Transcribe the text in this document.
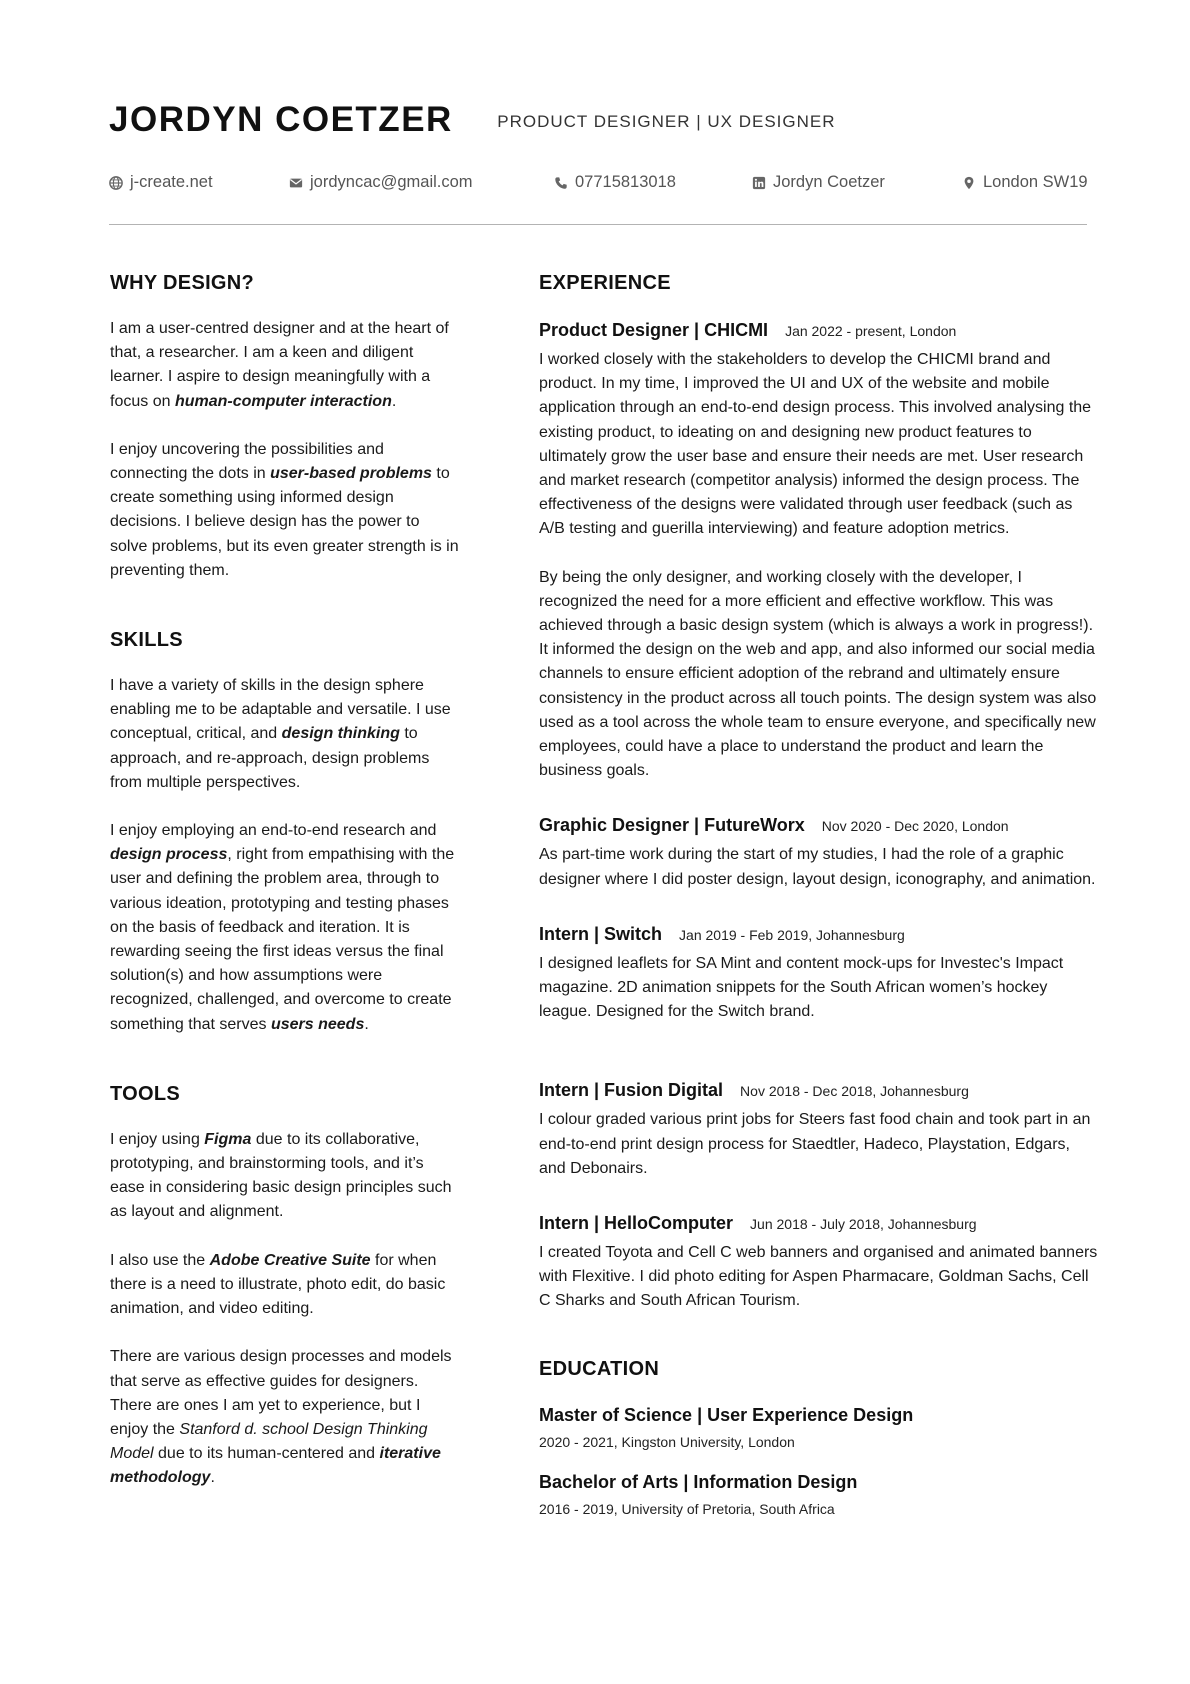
JORDYN COETZER	PRODUCT DESIGNER | UX DESIGNER
j-create.net	jordyncac@gmail.com	07715813018	Jordyn Coetzer	London SW19
WHY DESIGN?

I am a user-centred designer and at the heart of that, a researcher. I am a keen and diligent learner. I aspire to design meaningfully with a focus on human-computer interaction.

I enjoy uncovering the possibilities and connecting the dots in user-based problems to create something using informed design decisions. I believe design has the power to solve problems, but its even greater strength is in preventing them.

SKILLS

I have a variety of skills in the design sphere enabling me to be adaptable and versatile. I use conceptual, critical, and design thinking to approach, and re-approach, design problems from multiple perspectives.

I enjoy employing an end-to-end research and design process, right from empathising with the user and defining the problem area, through to various ideation, prototyping and testing phases on the basis of feedback and iteration. It is rewarding seeing the first ideas versus the final solution(s) and how assumptions were recognized, challenged, and overcome to create something that serves users needs.

TOOLS

I enjoy using Figma due to its collaborative, prototyping, and brainstorming tools, and it’s ease in considering basic design principles such as layout and alignment.

I also use the Adobe Creative Suite for when there is a need to illustrate, photo edit, do basic animation, and video editing.

There are various design processes and models that serve as effective guides for designers. There are ones I am yet to experience, but I enjoy the Stanford d. school Design Thinking Model due to its human-centered and iterative methodology.

EXPERIENCE
Product Designer | CHICMI Jan 2022 - present, London

I worked closely with the stakeholders to develop the CHICMI brand and product. In my time, I improved the UI and UX of the website and mobile application through an end-to-end design process. This involved analysing the existing product, to ideating on and designing new product features to ultimately grow the user base and ensure their needs are met. User research and market research (competitor analysis) informed the design process. The effectiveness of the designs were validated through user feedback (such as A/B testing and guerilla interviewing) and feature adoption metrics.

By being the only designer, and working closely with the developer, I recognized the need for a more efficient and effective workflow. This was achieved through a basic design system (which is always a work in progress!). It informed the design on the web and app, and also informed our social media channels to ensure efficient adoption of the rebrand and ultimately ensure consistency in the product across all touch points. The design system was also used as a tool across the whole team to ensure everyone, and specifically new employees, could have a place to understand the product and learn the business goals.

Graphic Designer | FutureWorx Nov 2020 - Dec 2020, London

As part-time work during the start of my studies, I had the role of a graphic designer where I did poster design, layout design, iconography, and animation.

Intern | Switch Jan 2019 - Feb 2019, Johannesburg

I designed leaflets for SA Mint and content mock-ups for Investec's Impact magazine. 2D animation snippets for the South African women’s hockey league. Designed for the Switch brand.

Intern | Fusion Digital Nov 2018 - Dec 2018, Johannesburg

I colour graded various print jobs for Steers fast food chain and took part in an end-to-end print design process for Staedtler, Hadeco, Playstation, Edgars, and Debonairs.

Intern | HelloComputer Jun 2018 - July 2018, Johannesburg

I created Toyota and Cell C web banners and organised and animated banners with Flexitive. I did photo editing for Aspen Pharmacare, Goldman Sachs, Cell C Sharks and South African Tourism.

EDUCATION
Master of Science | User Experience Design
2020 - 2021, Kingston University, London
Bachelor of Arts | Information Design
2016 - 2019, University of Pretoria, South Africa
